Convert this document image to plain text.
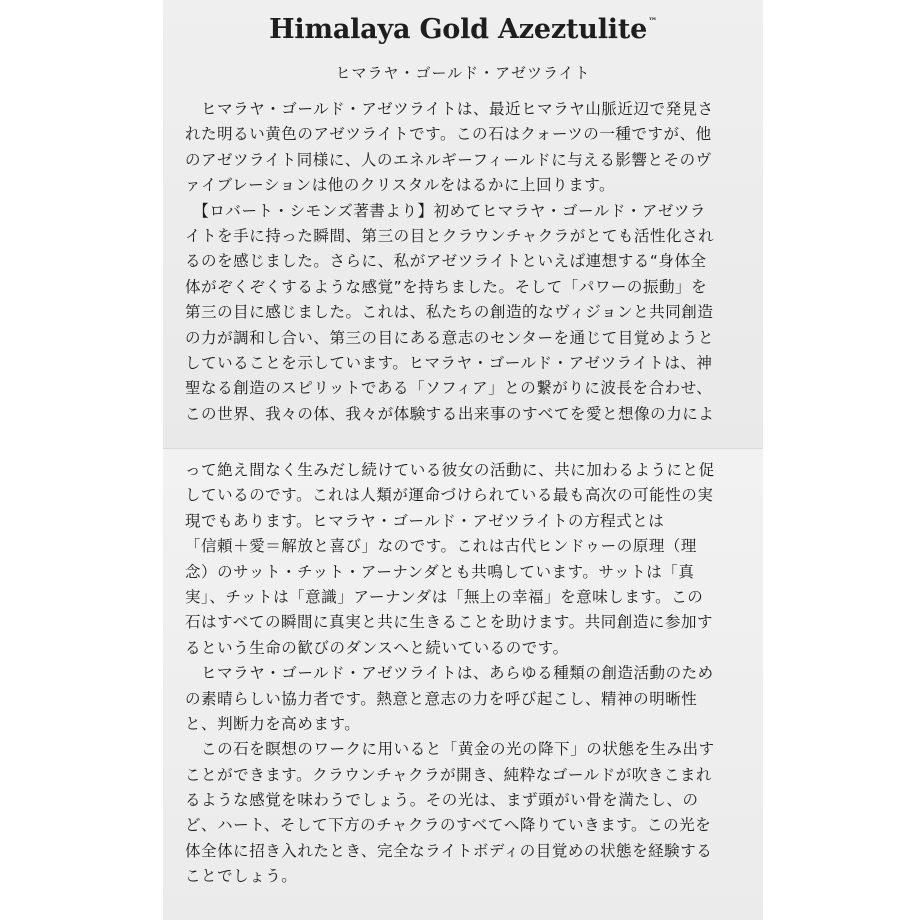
Himalaya Gold Azeztulite™
ヒマラヤ・ゴールド・アゼツライト
　ヒマラヤ・ゴールド・アゼツライトは、最近ヒマラヤ山脈近辺で発見さ
れた明るい黄色のアゼツライトです。この石はクォーツの一種ですが、他
のアゼツライト同様に、人のエネルギーフィールドに与える影響とそのヴ
ァイブレーションは他のクリスタルをはるかに上回ります。
　【ロバート・シモンズ著書より】初めてヒマラヤ・ゴールド・アゼツラ
イトを手に持った瞬間、第三の目とクラウンチャクラがとても活性化され
るのを感じました。さらに、私がアゼツライトといえば連想する“身体全
体がぞくぞくするような感覚”を持ちました。そして「パワーの振動」を
第三の目に感じました。これは、私たちの創造的なヴィジョンと共同創造
の力が調和し合い、第三の目にある意志のセンターを通じて目覚めようと
していることを示しています。ヒマラヤ・ゴールド・アゼツライトは、神
聖なる創造のスピリットである「ソフィア」との繋がりに波長を合わせ、
この世界、我々の体、我々が体験する出来事のすべてを愛と想像の力によ
って絶え間なく生みだし続けている彼女の活動に、共に加わるようにと促
しているのです。これは人類が運命づけられている最も高次の可能性の実
現でもあります。ヒマラヤ・ゴールド・アゼツライトの方程式とは
「信頼＋愛＝解放と喜び」なのです。これは古代ヒンドゥーの原理（理
念）のサット・チット・アーナンダとも共鳴しています。サットは「真
実」、チットは「意識」アーナンダは「無上の幸福」を意味します。この
石はすべての瞬間に真実と共に生きることを助けます。共同創造に参加す
るという生命の歓びのダンスへと続いているのです。
　ヒマラヤ・ゴールド・アゼツライトは、あらゆる種類の創造活動のため
の素晴らしい協力者です。熱意と意志の力を呼び起こし、精神の明晰性
と、判断力を高めます。
　この石を瞑想のワークに用いると「黄金の光の降下」の状態を生み出す
ことができます。クラウンチャクラが開き、純粋なゴールドが吹きこまれ
るような感覚を味わうでしょう。その光は、まず頭がい骨を満たし、の
ど、ハート、そして下方のチャクラのすべてへ降りていきます。この光を
体全体に招き入れたとき、完全なライトボディの目覚めの状態を経験する
ことでしょう。
